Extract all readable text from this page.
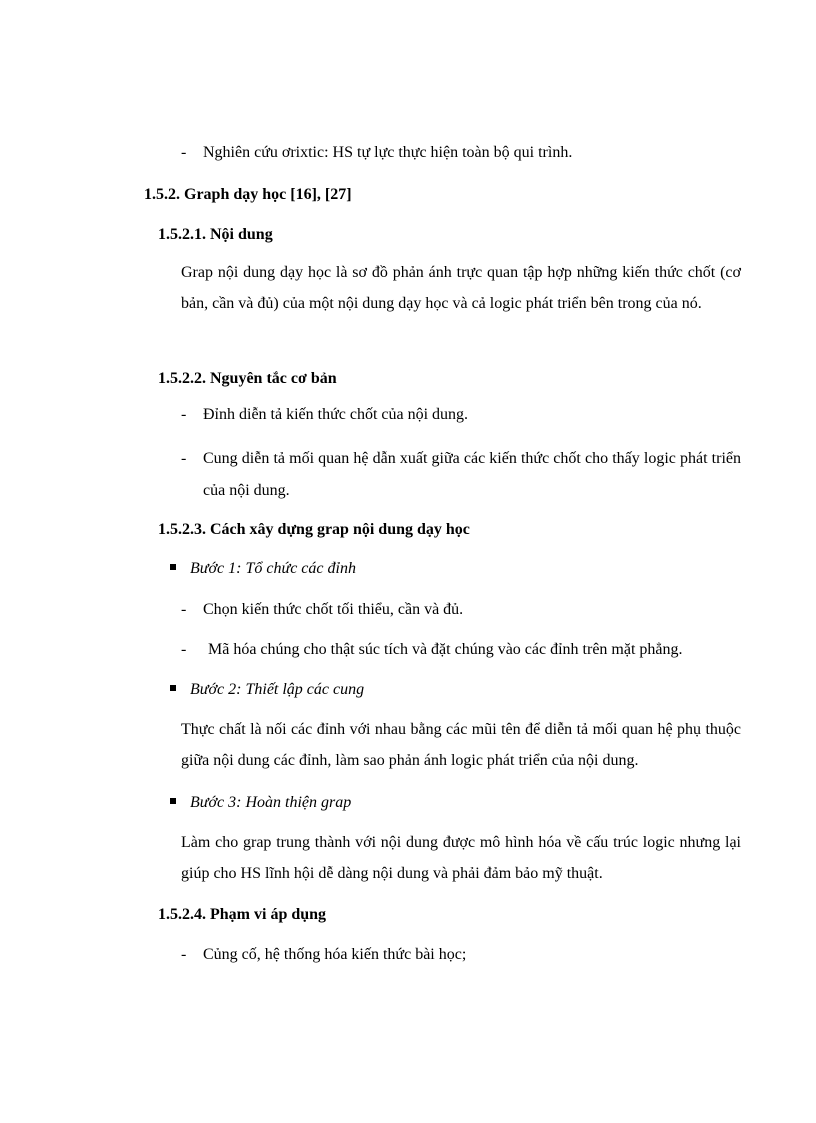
-	Nghiên cứu ơrixtic: HS tự lực thực hiện toàn bộ qui trình.
1.5.2. Graph dạy học [16], [27]
1.5.2.1. Nội dung
Grap nội dung dạy học là sơ đồ phản ánh trực quan tập hợp những kiến thức chốt (cơ bản, cần và đủ) của một nội dung dạy học và cả logic phát triển bên trong của nó.
1.5.2.2. Nguyên tắc cơ bản
-	Đỉnh diễn tả kiến thức chốt của nội dung.
-	Cung diễn tả mối quan hệ dẫn xuất giữa các kiến thức chốt cho thấy logic phát triển của nội dung.
1.5.2.3. Cách xây dựng grap nội dung dạy học
Bước 1: Tổ chức các đỉnh
-	Chọn kiến thức chốt tối thiểu, cần và đủ.
-	Mã hóa chúng cho thật súc tích và đặt chúng vào các đỉnh trên mặt phẳng.
Bước 2: Thiết lập các cung
Thực chất là nối các đỉnh với nhau bằng các mũi tên để diễn tả mối quan hệ phụ thuộc giữa nội dung các đỉnh, làm sao phản ánh logic phát triển của nội dung.
Bước 3: Hoàn thiện grap
Làm cho grap trung thành với nội dung được mô hình hóa về cấu trúc logic nhưng lại giúp cho HS lĩnh hội dễ dàng nội dung và phải đảm bảo mỹ thuật.
1.5.2.4. Phạm vi áp dụng
-	Củng cố, hệ thống hóa kiến thức bài học;
